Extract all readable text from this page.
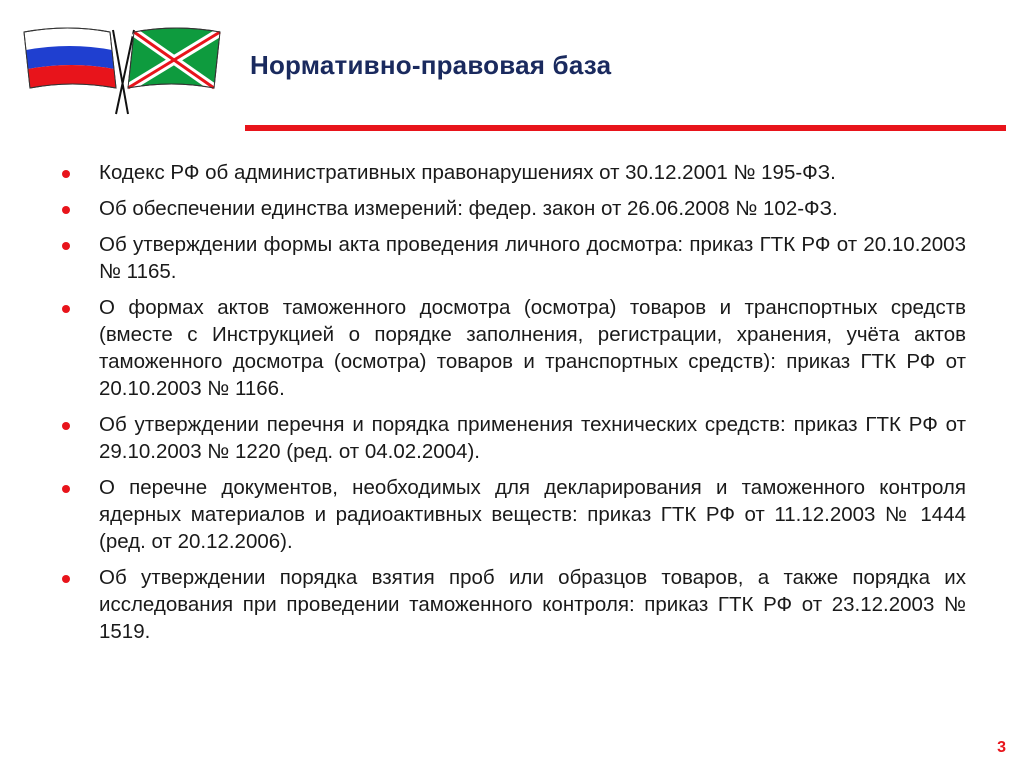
Нормативно-правовая база
Кодекс РФ об административных правонарушениях от 30.12.2001 № 195-ФЗ.
Об обеспечении единства измерений: федер. закон от 26.06.2008 № 102-ФЗ.
Об утверждении формы акта проведения личного досмотра: приказ ГТК РФ от 20.10.2003 № 1165.
О формах актов таможенного досмотра (осмотра) товаров и транспортных средств (вместе с Инструкцией о порядке заполнения, регистрации, хранения, учёта актов таможенного досмотра (осмотра) товаров и транспортных средств): приказ ГТК РФ от 20.10.2003 № 1166.
Об утверждении перечня и порядка применения технических средств: приказ ГТК РФ от 29.10.2003 № 1220 (ред. от 04.02.2004).
О перечне документов, необходимых для декларирования и таможенного контроля ядерных материалов и радиоактивных веществ: приказ ГТК РФ от 11.12.2003 № 1444 (ред. от 20.12.2006).
Об утверждении порядка взятия проб или образцов товаров, а также порядка их исследования при проведении таможенного контроля: приказ ГТК РФ от 23.12.2003 № 1519.
3
